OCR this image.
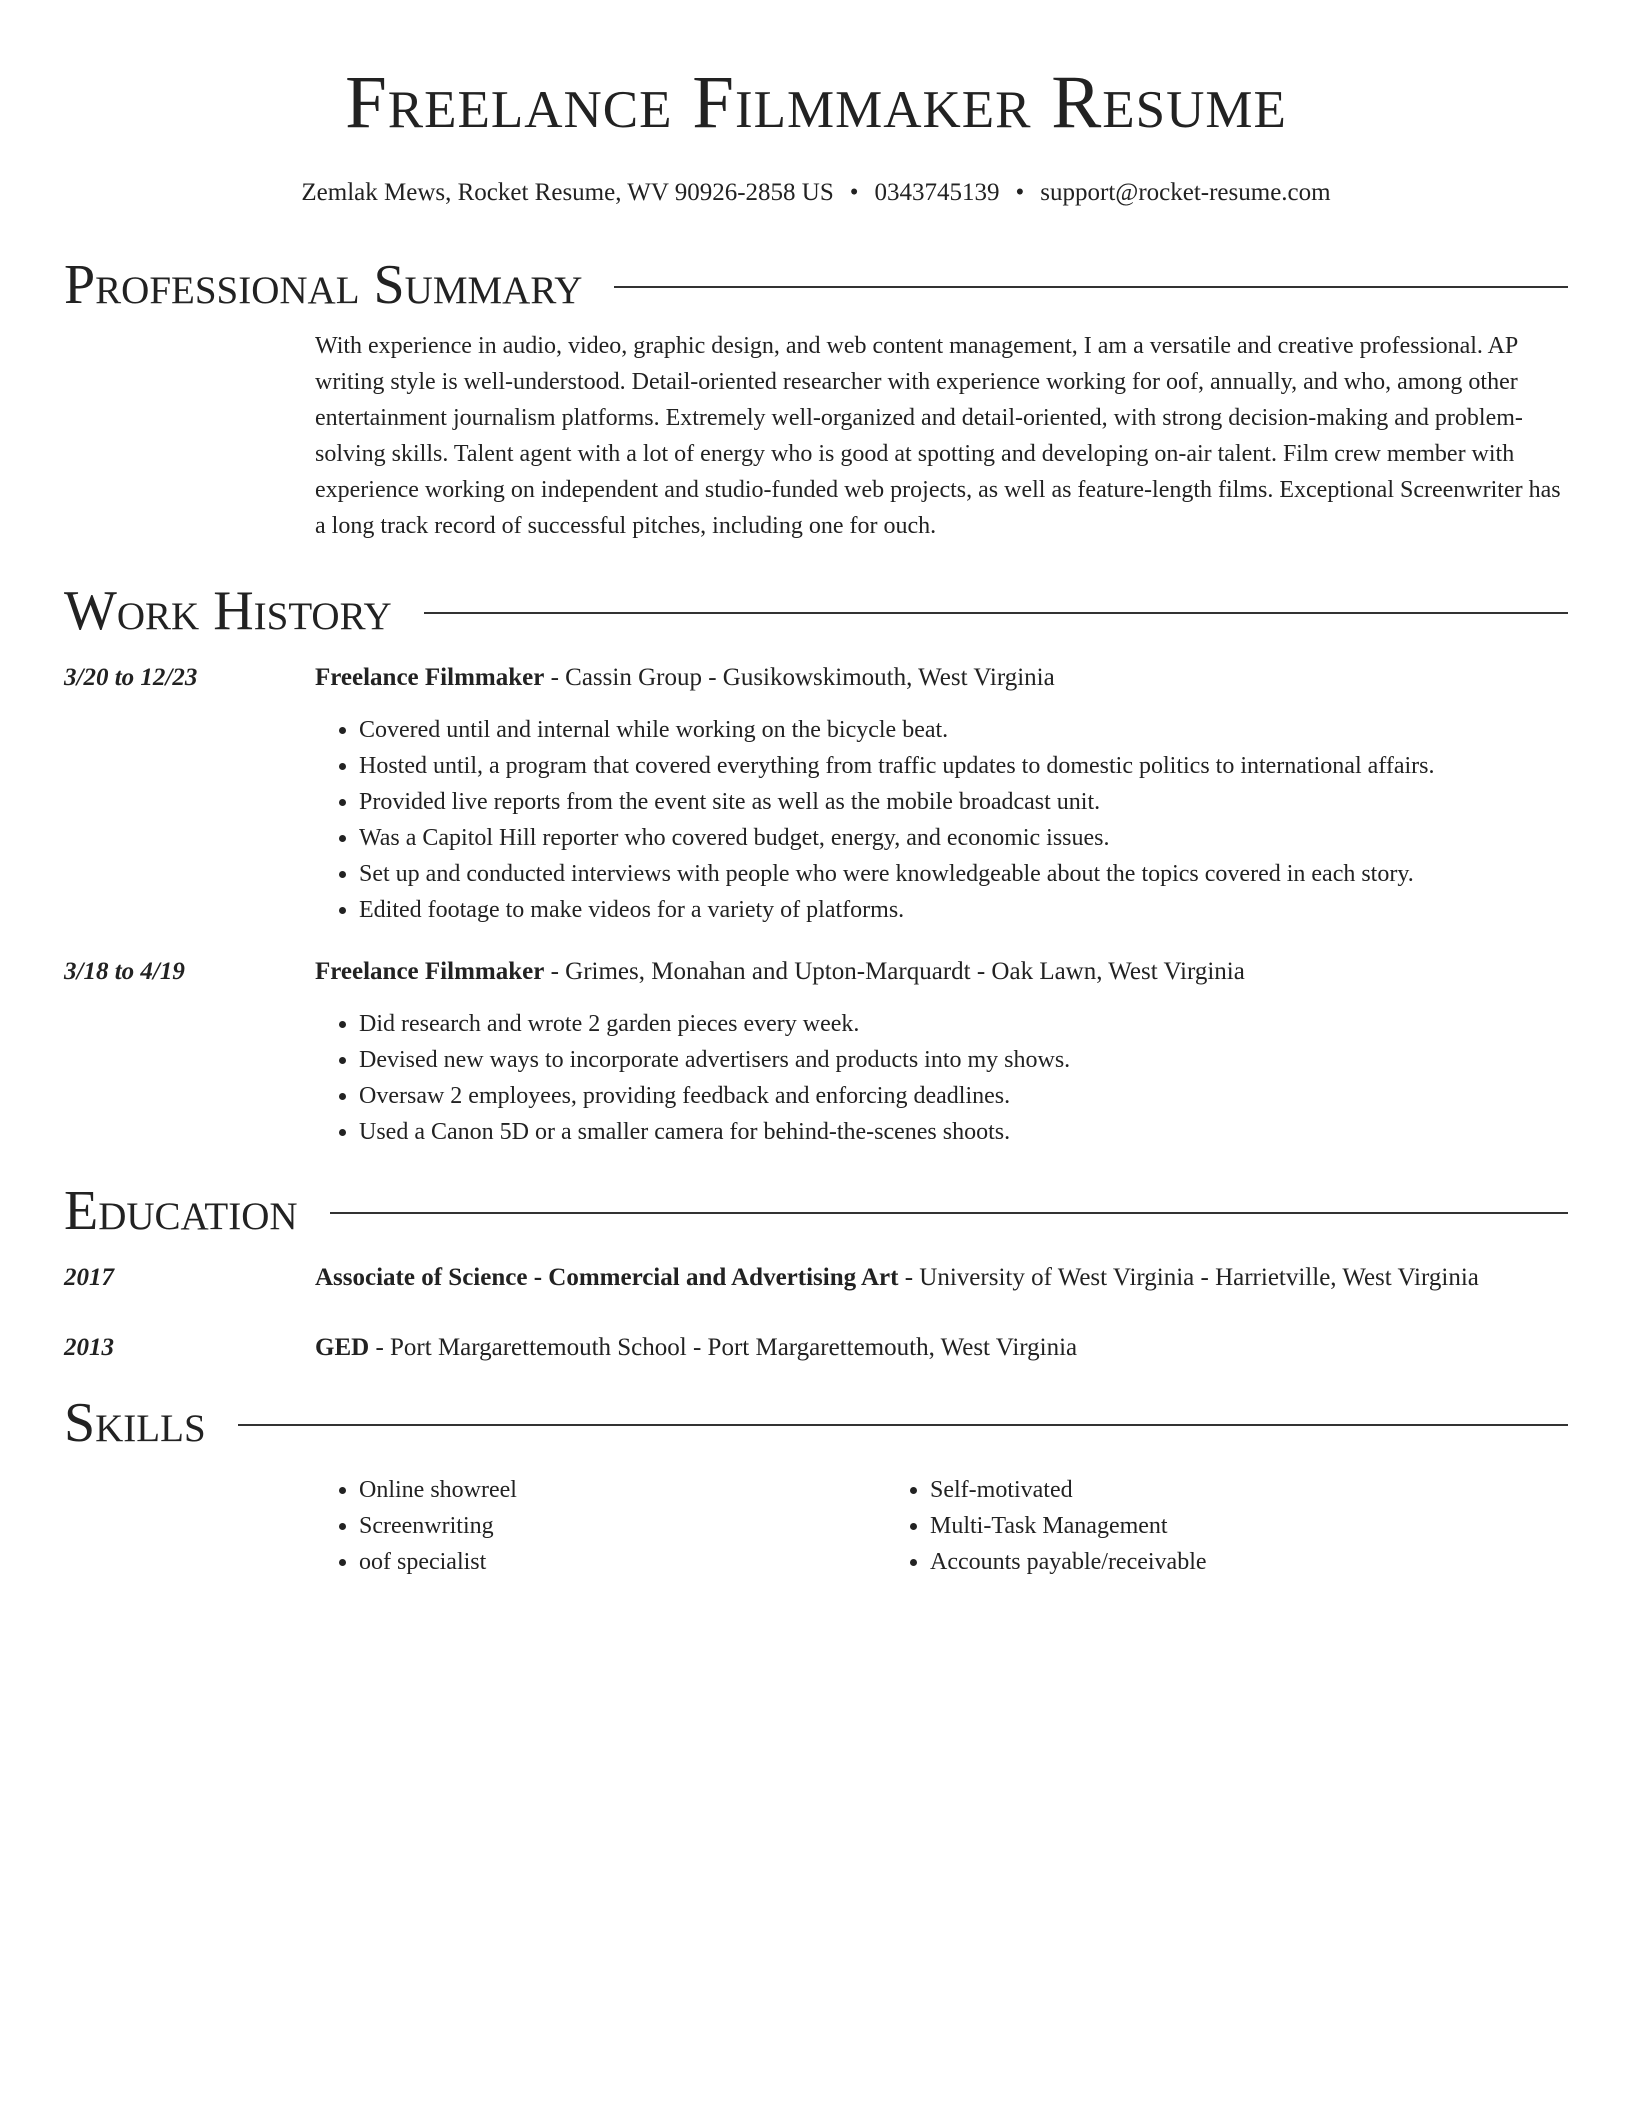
Freelance Filmmaker Resume
Zemlak Mews, Rocket Resume, WV 90926-2858 US • 0343745139 • support@rocket-resume.com
Professional Summary
With experience in audio, video, graphic design, and web content management, I am a versatile and creative professional. AP writing style is well-understood. Detail-oriented researcher with experience working for oof, annually, and who, among other entertainment journalism platforms. Extremely well-organized and detail-oriented, with strong decision-making and problem-solving skills. Talent agent with a lot of energy who is good at spotting and developing on-air talent. Film crew member with experience working on independent and studio-funded web projects, as well as feature-length films. Exceptional Screenwriter has a long track record of successful pitches, including one for ouch.
Work History
3/20 to 12/23	Freelance Filmmaker - Cassin Group - Gusikowskimouth, West Virginia
• Covered until and internal while working on the bicycle beat.
• Hosted until, a program that covered everything from traffic updates to domestic politics to international affairs.
• Provided live reports from the event site as well as the mobile broadcast unit.
• Was a Capitol Hill reporter who covered budget, energy, and economic issues.
• Set up and conducted interviews with people who were knowledgeable about the topics covered in each story.
• Edited footage to make videos for a variety of platforms.
3/18 to 4/19	Freelance Filmmaker - Grimes, Monahan and Upton-Marquardt - Oak Lawn, West Virginia
• Did research and wrote 2 garden pieces every week.
• Devised new ways to incorporate advertisers and products into my shows.
• Oversaw 2 employees, providing feedback and enforcing deadlines.
• Used a Canon 5D or a smaller camera for behind-the-scenes shoots.
Education
2017	Associate of Science - Commercial and Advertising Art - University of West Virginia - Harrietville, West Virginia
2013	GED - Port Margarettemouth School - Port Margarettemouth, West Virginia
Skills
• Online showreel
• Screenwriting
• oof specialist
• Self-motivated
• Multi-Task Management
• Accounts payable/receivable
